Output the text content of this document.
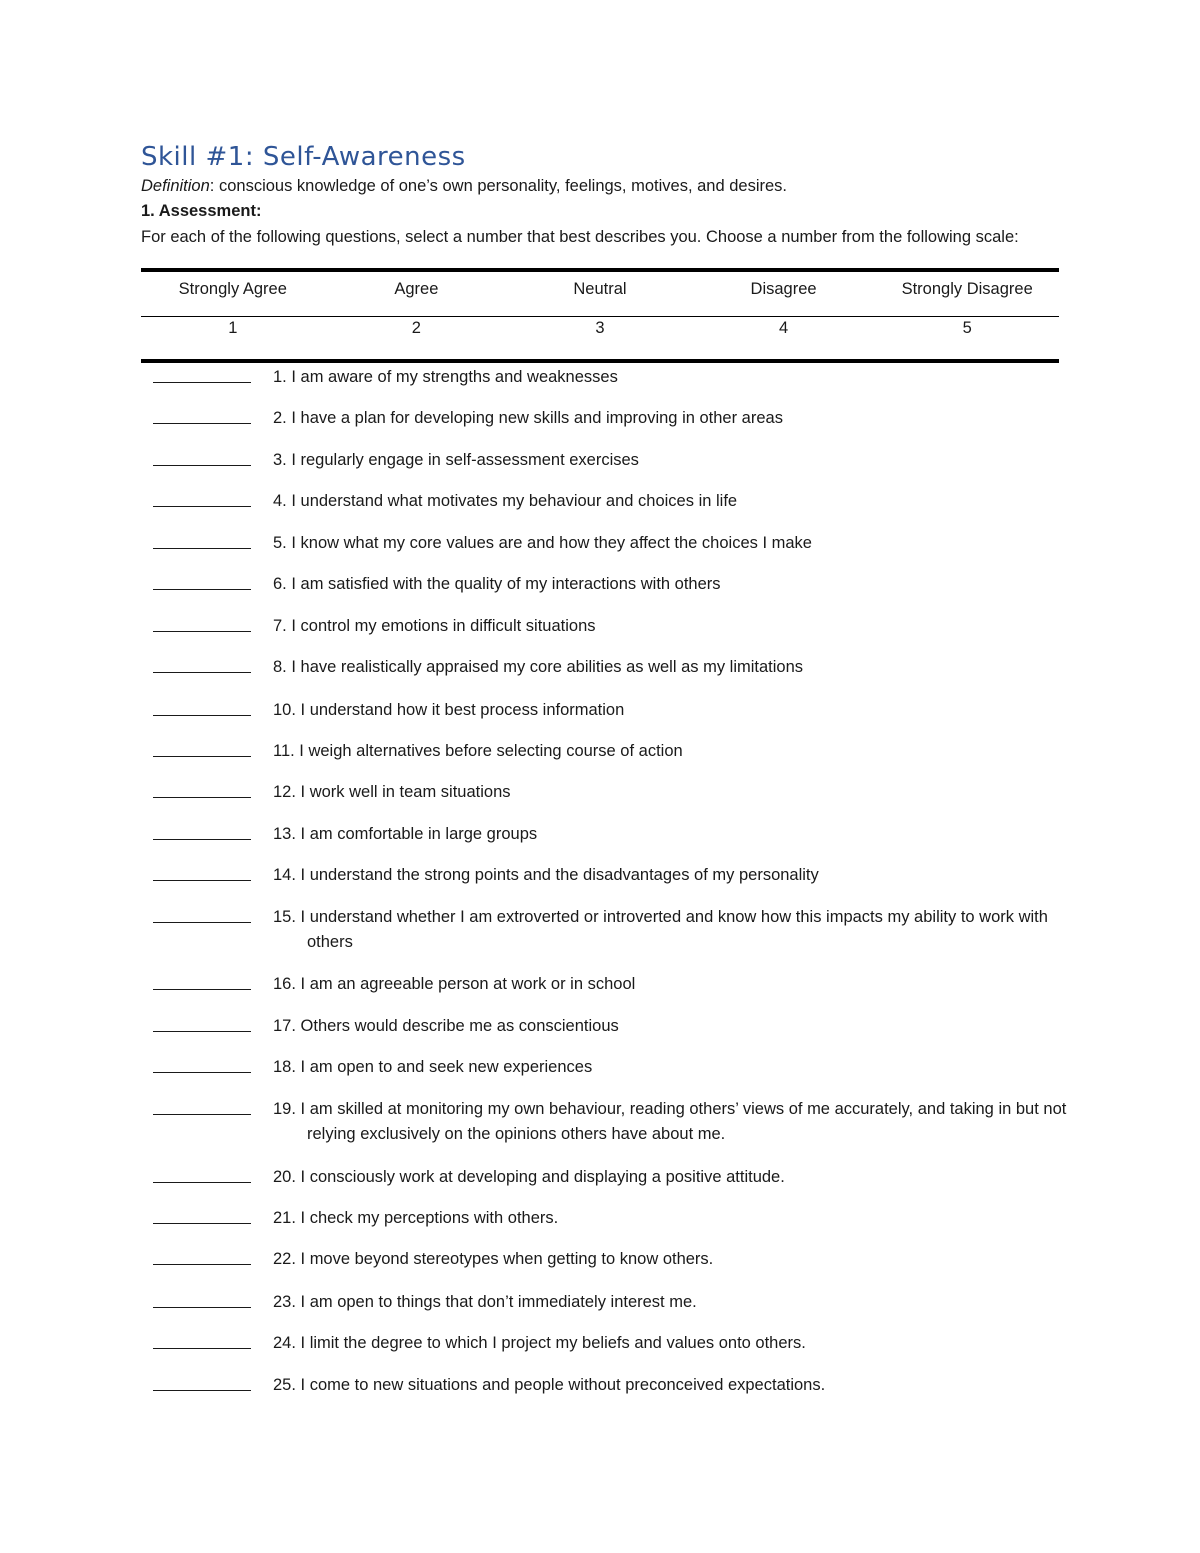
Skill #1: Self-Awareness
Definition: conscious knowledge of one’s own personality, feelings, motives, and desires.
1. Assessment:
For each of the following questions, select a number that best describes you. Choose a number from the following scale:
Strongly Agree	Agree	Neutral	Disagree	Strongly Disagree
1	2	3	4	5
1. I am aware of my strengths and weaknesses
2. I have a plan for developing new skills and improving in other areas
3. I regularly engage in self-assessment exercises
4. I understand what motivates my behaviour and choices in life
5. I know what my core values are and how they affect the choices I make
6. I am satisfied with the quality of my interactions with others
7. I control my emotions in difficult situations
8. I have realistically appraised my core abilities as well as my limitations
10. I understand how it best process information
11. I weigh alternatives before selecting course of action
12. I work well in team situations
13. I am comfortable in large groups
14. I understand the strong points and the disadvantages of my personality
15. I understand whether I am extroverted or introverted and know how this impacts my ability to work with others
16. I am an agreeable person at work or in school
17. Others would describe me as conscientious
18. I am open to and seek new experiences
19. I am skilled at monitoring my own behaviour, reading others’ views of me accurately, and taking in but not relying exclusively on the opinions others have about me.
20. I consciously work at developing and displaying a positive attitude.
21. I check my perceptions with others.
22. I move beyond stereotypes when getting to know others.
23. I am open to things that don’t immediately interest me.
24. I limit the degree to which I project my beliefs and values onto others.
25. I come to new situations and people without preconceived expectations.
